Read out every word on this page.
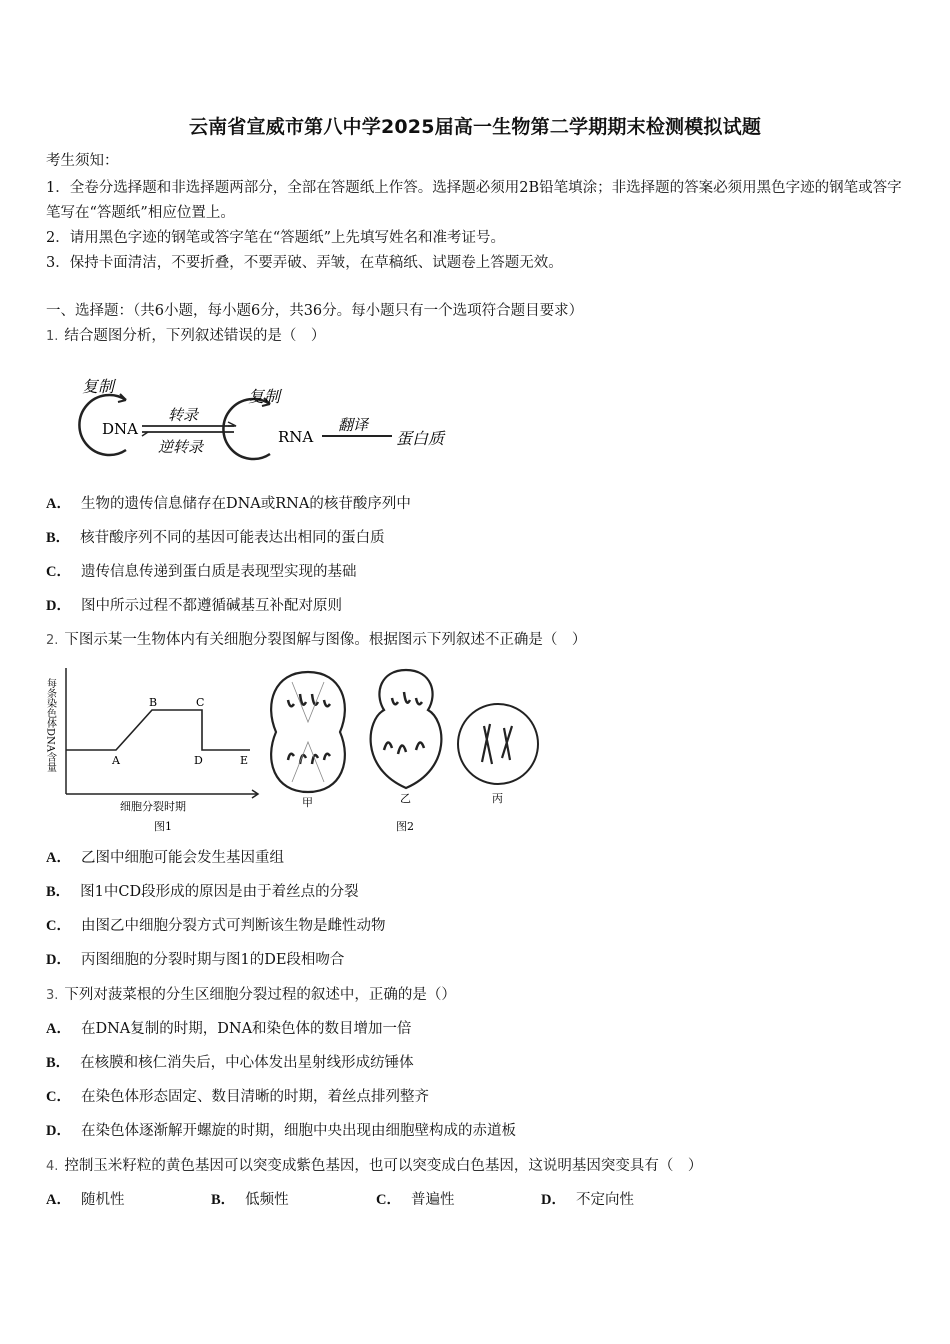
云南省宣威市第八中学2025届高一生物第二学期期末检测模拟试题
考生须知：
1．全卷分选择题和非选择题两部分，全部在答题纸上作答。选择题必须用2B铅笔填涂；非选择题的答案必须用黑色字迹的钢笔或答字笔写在“答题纸”相应位置上。
2．请用黑色字迹的钢笔或答字笔在“答题纸”上先填写姓名和准考证号。
3．保持卡面清洁，不要折叠，不要弄破、弄皱，在草稿纸、试题卷上答题无效。
一、选择题：（共6小题，每小题6分，共36分。每小题只有一个选项符合题目要求）
1. 结合题图分析，下列叙述错误的是（　）
复制
DNA
转录
逆转录
复制
RNA
翻译
蛋白质
A． 生物的遗传信息储存在DNA或RNA的核苷酸序列中
B． 核苷酸序列不同的基因可能表达出相同的蛋白质
C． 遗传信息传递到蛋白质是表现型实现的基础
D． 图中所示过程不都遵循碱基互补配对原则
2. 下图示某一生物体内有关细胞分裂图解与图像。根据图示下列叙述不正确是（　）
每条染色体DNA含量	A
B	C
D	E
细胞分裂时期
图1
甲	乙
图2
丙
A． 乙图中细胞可能会发生基因重组
B． 图1中CD段形成的原因是由于着丝点的分裂
C． 由图乙中细胞分裂方式可判断该生物是雌性动物
D． 丙图细胞的分裂时期与图1的DE段相吻合
3. 下列对菠菜根的分生区细胞分裂过程的叙述中，正确的是（）
A． 在DNA复制的时期，DNA和染色体的数目增加一倍
B． 在核膜和核仁消失后，中心体发出星射线形成纺锤体
C． 在染色体形态固定、数目清晰的时期，着丝点排列整齐
D． 在染色体逐渐解开螺旋的时期，细胞中央出现由细胞壁构成的赤道板
4. 控制玉米籽粒的黄色基因可以突变成紫色基因，也可以突变成白色基因，这说明基因突变具有（　）
A． 随机性	B． 低频性	C． 普遍性	D． 不定向性
